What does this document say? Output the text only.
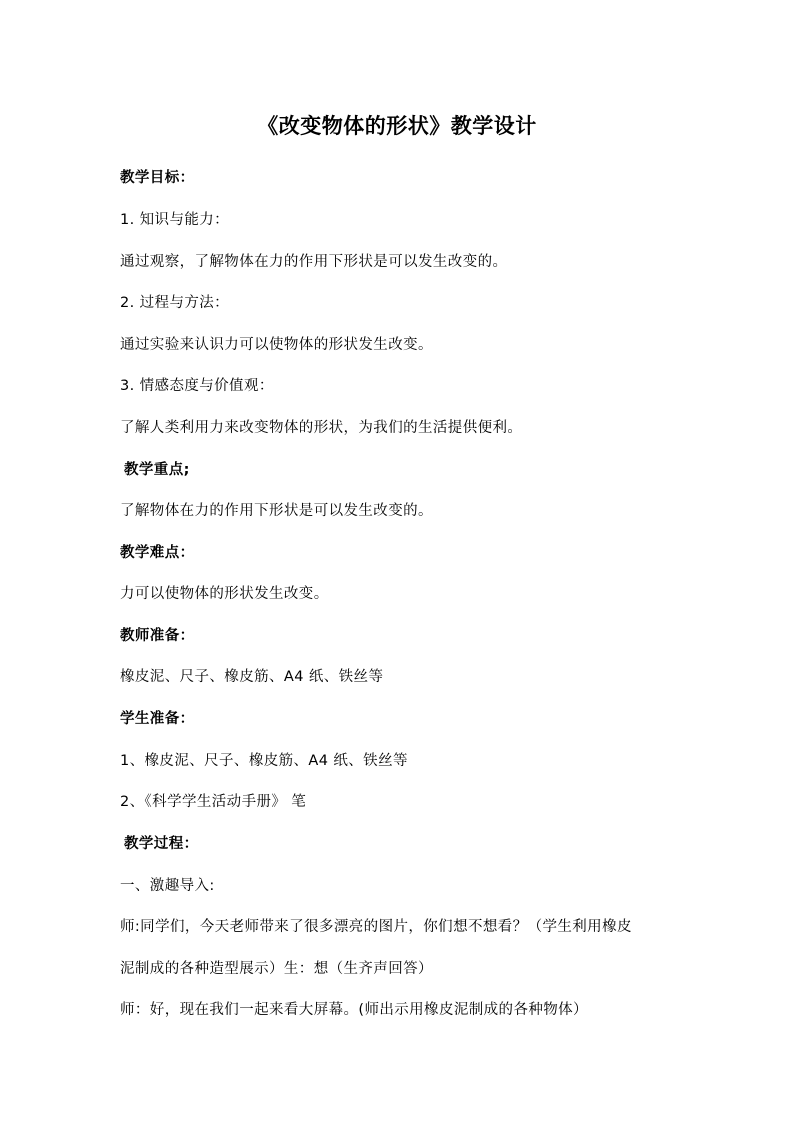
《改变物体的形状》教学设计
教学目标：
1. 知识与能力：
通过观察，了解物体在力的作用下形状是可以发生改变的。
2. 过程与方法：
通过实验来认识力可以使物体的形状发生改变。
3. 情感态度与价值观：
了解人类利用力来改变物体的形状，为我们的生活提供便利。
教学重点;
了解物体在力的作用下形状是可以发生改变的。
教学难点：
力可以使物体的形状发生改变。
教师准备：
橡皮泥、尺子、橡皮筋、A4 纸、铁丝等
学生准备：
1、橡皮泥、尺子、橡皮筋、A4 纸、铁丝等
2、《科学学生活动手册》 笔
教学过程：
一、激趣导入:
师:同学们，今天老师带来了很多漂亮的图片，你们想不想看？（学生利用橡皮
泥制成的各种造型展示）生：想（生齐声回答）
师：好，现在我们一起来看大屏幕。(师出示用橡皮泥制成的各种物体）
